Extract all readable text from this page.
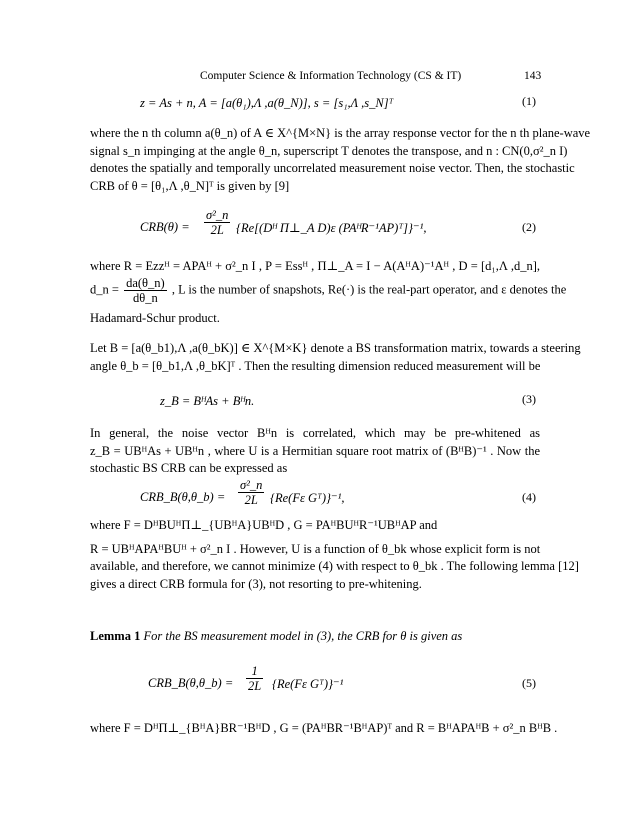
Computer Science & Information Technology (CS & IT)	143
z = As + n, A = [a(θ₁),Λ ,a(θ_N)], s = [s₁,Λ ,s_N]ᵀ	(1)
where the n th column a(θ_n) of A ∈ X^{M×N} is the array response vector for the n th plane-wave
signal s_n impinging at the angle θ_n, superscript T denotes the transpose, and n : CN(0,σ²_n I)
denotes the spatially and temporally uncorrelated measurement noise vector. Then, the stochastic
CRB of θ = [θ₁,Λ ,θ_N]ᵀ is given by [9]
$CRB(\theta) = \frac{\text{σ²\_n}}{2L}$ {Re[(Dᴴ Π⊥_A D)ε (PAᴴR⁻¹AP)ᵀ]}⁻¹,	(2)
where R = Ezzᴴ = APAᴴ + σ²_n I , P = Essᴴ , Π⊥_A = I − A(AᴴA)⁻¹Aᴴ , D = [d₁,Λ ,d_n],
d_n = $\frac{da(\theta\_n)}{d\theta\_n}$ , L is the number of snapshots, Re(·) is the real-part operator, and ε denotes the
Hadamard-Schur product.
Let B = [a(θ_b1),Λ ,a(θ_bK)] ∈ X^{M×K} denote a BS transformation matrix, towards a steering
angle θ_b = [θ_b1,Λ ,θ_bK]ᵀ . Then the resulting dimension reduced measurement will be
z_B = BᴴAs + Bᴴn.	(3)
In general, the noise vector Bᴴn is correlated, which may be pre-whitened as
z_B = UBᴴAs + UBᴴn , where U is a Hermitian square root matrix of (BᴴB)⁻¹ . Now the
stochastic BS CRB can be expressed as
CRB_B(θ,θ_b) = $\frac{\text{σ²\_n}}{2L} \{Re(F\varepsilon$ Gᵀ)}⁻¹,	(4)
where F = DᴴBUᴴΠ⊥_{UBᴴA}UBᴴD , G = PAᴴBUᴴR⁻¹UBᴴAP and
R = UBᴴAPAᴴBUᴴ + σ²_n I . However, U is a function of θ_bk whose explicit form is not
available, and therefore, we cannot minimize (4) with respect to θ_bk . The following lemma [12]
gives a direct CRB formula for (3), not resorting to pre-whitening.
Lemma 1 For the BS measurement model in (3), the CRB for θ is given as
CRB_B(θ,θ_b) = $\frac{1}{2L} \{Re(F\varepsilon$ Gᵀ)}⁻¹	(5)
where F = DᴴΠ⊥_{BᴴA}BR⁻¹BᴴD , G = (PAᴴBR⁻¹BᴴAP)ᵀ and R = BᴴAPAᴴB + σ²_n BᴴB .
